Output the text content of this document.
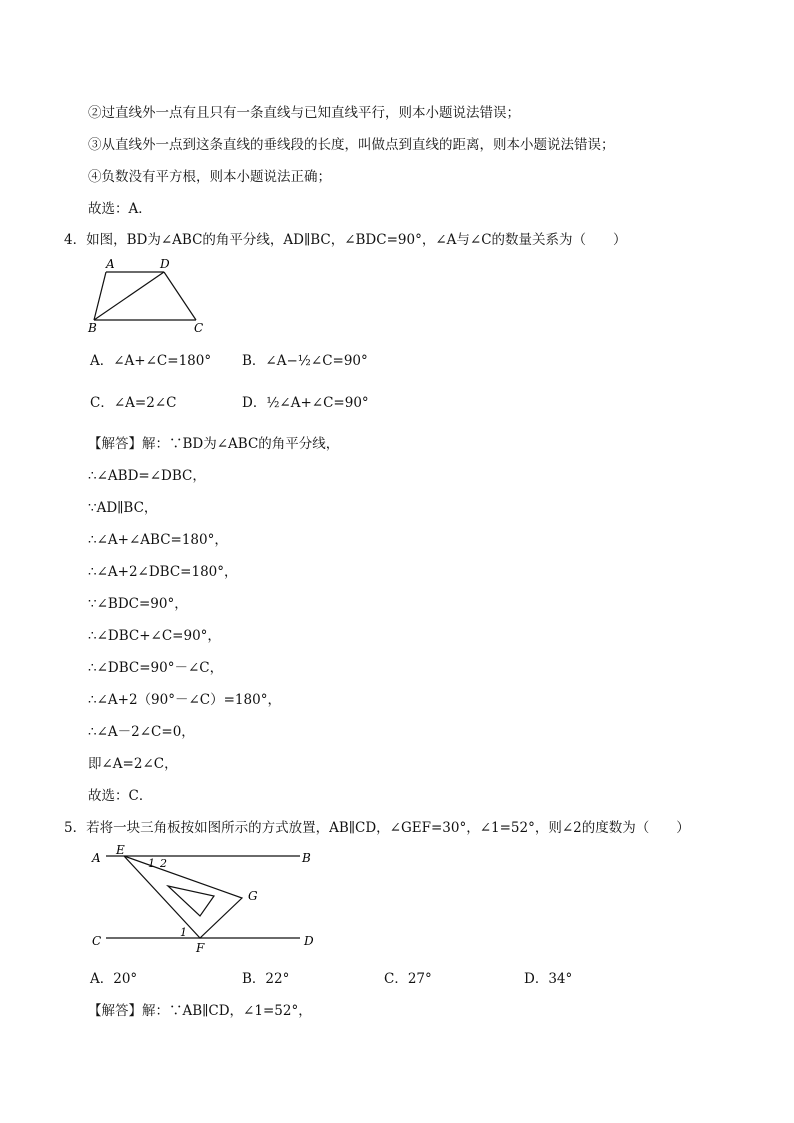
②过直线外一点有且只有一条直线与已知直线平行，则本小题说法错误；
③从直线外一点到这条直线的垂线段的长度，叫做点到直线的距离，则本小题说法错误；
④负数没有平方根，则本小题说法正确；
故选：A．
4．如图，BD为∠ABC的角平分线，AD∥BC，∠BDC=90°，∠A与∠C的数量关系为（　　）
A	D
B	C
A．∠A+∠C=180° B．∠A−½∠C=90°
C．∠A=2∠C	D．½∠A+∠C=90°
【解答】解：∵BD为∠ABC的角平分线，
∴∠ABD=∠DBC，
∵AD∥BC，
∴∠A+∠ABC=180°，
∴∠A+2∠DBC=180°，
∵∠BDC=90°，
∴∠DBC+∠C=90°，
∴∠DBC=90°－∠C，
∴∠A+2（90°－∠C）=180°，
∴∠A－2∠C=0，
即∠A=2∠C，
故选：C．
5．若将一块三角板按如图所示的方式放置，AB∥CD，∠GEF=30°，∠1=52°，则∠2的度数为（　　）
A
E
B
1 2
G
C
1
F	D
A．20°	B．22°	C．27°	D．34°
【解答】解：∵AB∥CD，∠1=52°，
